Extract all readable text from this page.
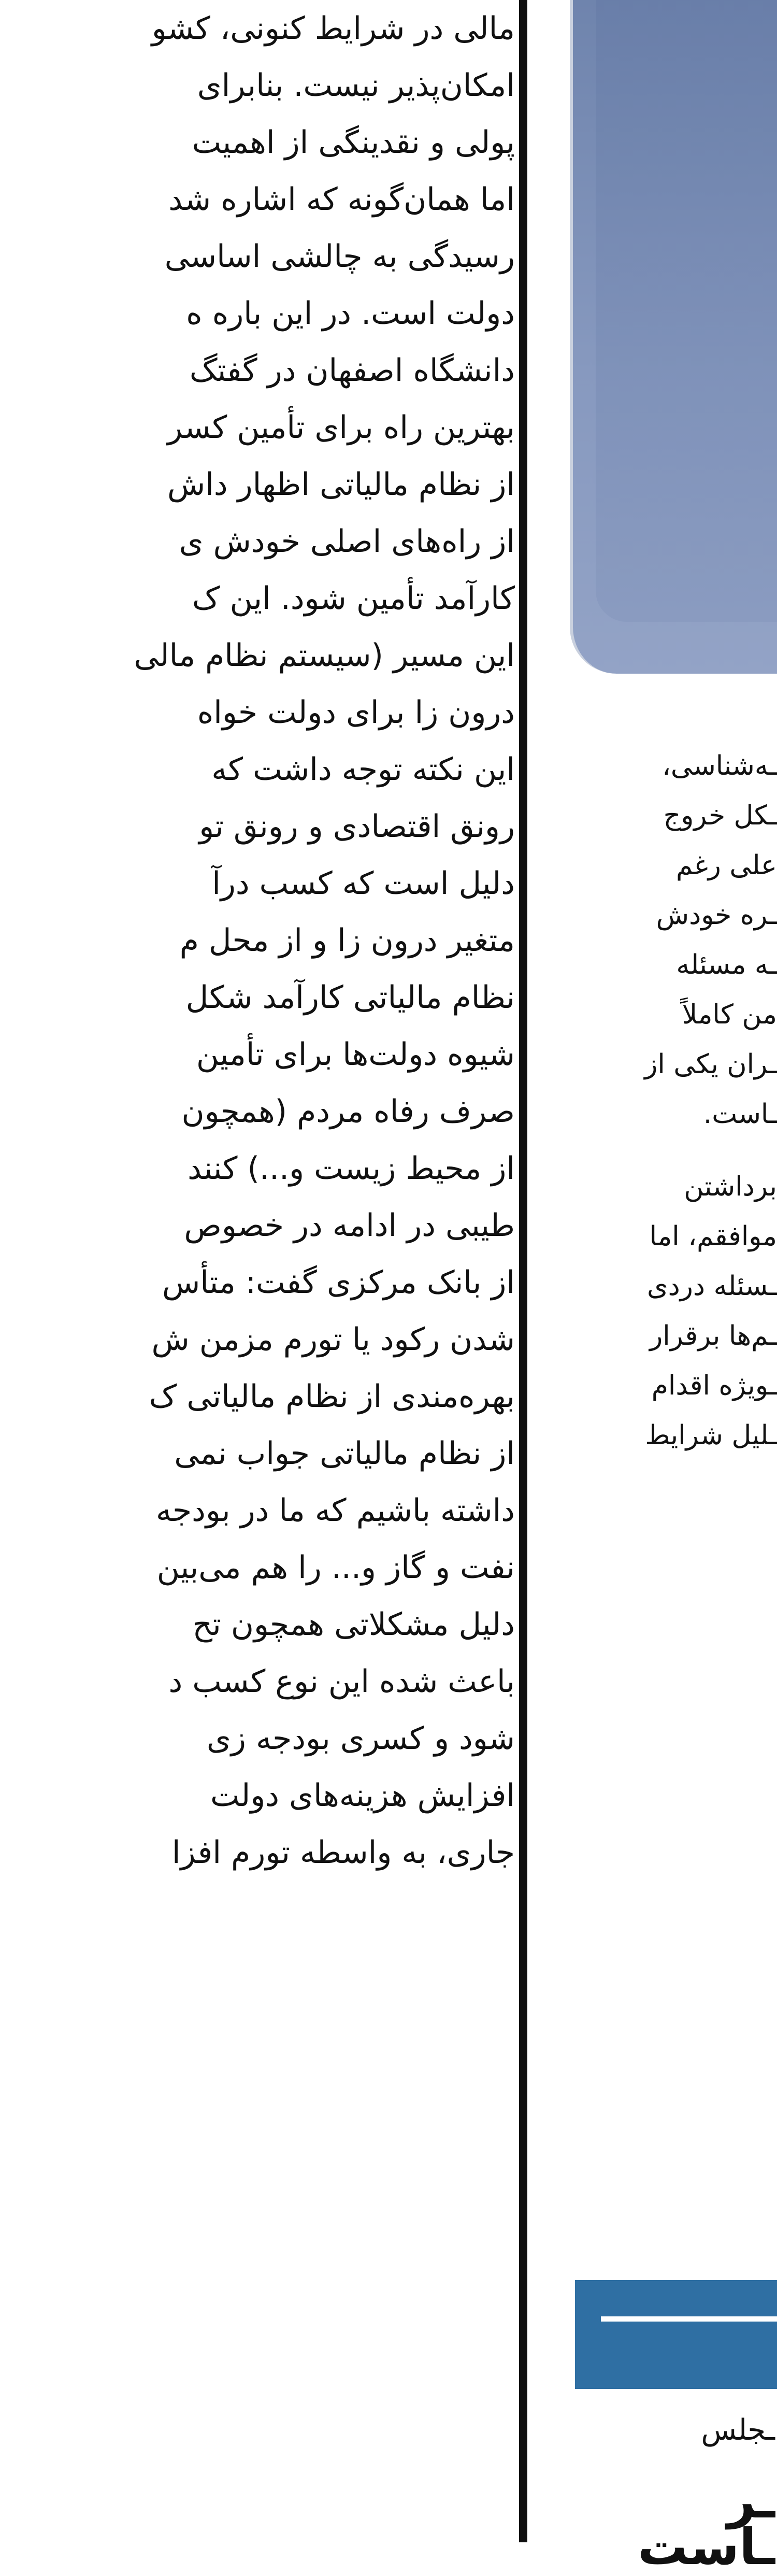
مالی در شرایط کنونی، کشو

امکان‌پذیر نیست. بنابرای

پولی و نقدینگی از اهمیت

اما همان‌گونه که اشاره شد

رسیدگی به چالشی اساسی

دولت است. در این باره ه

دانشگاه اصفهان در گفتگ

بهترین راه برای تأمین کسر

از نظام مالیاتی اظهار داش

از راه‌های اصلی خودش ی

کارآمد تأمین شود. این ک

این مسیر (سیستم نظام مالی

درون زا برای دولت خواه

این نکته توجه داشت که

رونق اقتصادی و رونق تو

دلیل است که کسب درآ

متغیر درون زا و از محل م

نظام مالیاتی کارآمد شکل

شیوه دولت‌ها برای تأمین

صرف رفاه مردم (همچون

از محیط زیست و...) کنند

طیبی در ادامه در خصوص

از بانک مرکزی گفت: متأس

شدن رکود یا تورم مزمن ش

بهره‌مندی از نظام مالیاتی ک

از نظام مالیاتی جواب نمی

داشته باشیم که ما در بودجه

نفت و گاز و... را هم می‌بین

دلیل مشکلاتی همچون تح

باعث شده این نوع کسب د

شود و کسری بودجه زی

افزایش هزینه‌های دولت

جاری، به واسطه تورم افزا

ـه‌شناسی،

ـکل خروج

علی رغم

ـره خودش

ـه مسئله

من کاملاً

ـران یکی از

ـاست.

برداشتن

موافقم، اما

ـسئله دردی

ـم‌ها برقرار

ـویژه اقدام

ـلیل شرایط

ـجلس
ـر
ـاست
